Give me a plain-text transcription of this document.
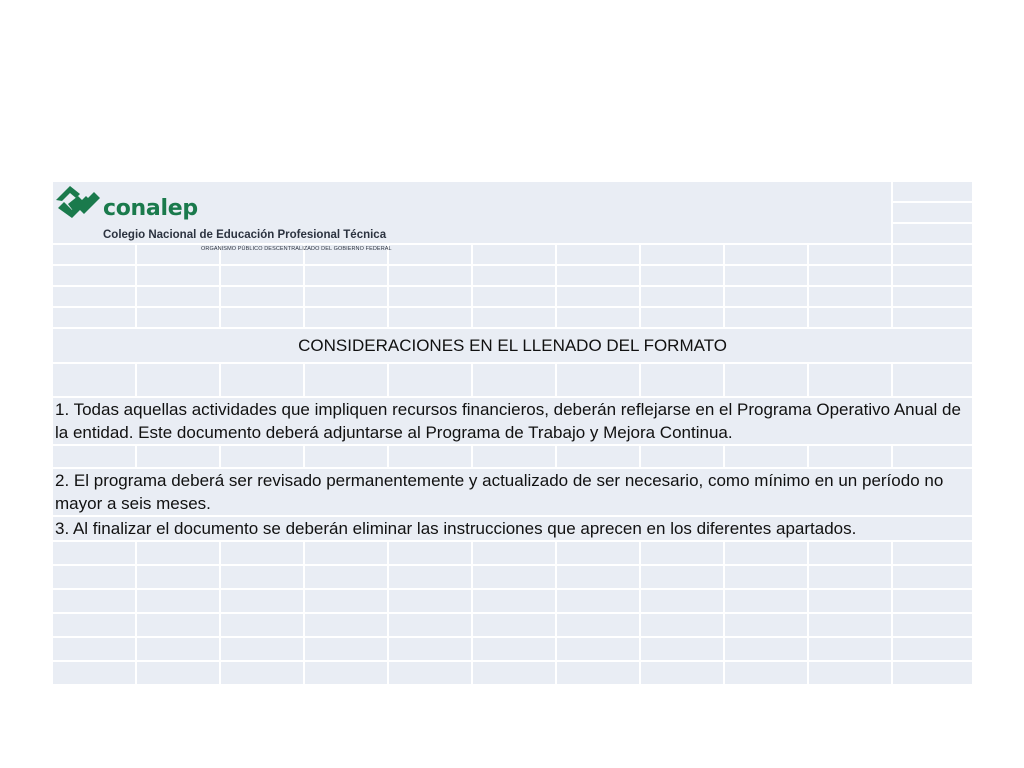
conalep
Colegio Nacional de Educación Profesional Técnica
ORGANISMO PÚBLICO DESCENTRALIZADO DEL GOBIERNO FEDERAL										

CONSIDERACIONES EN EL LLENADO DEL FORMATO										

1. Todas aquellas actividades que impliquen recursos financieros, deberán reflejarse en el Programa Operativo Anual de la entidad. Este documento deberá adjuntarse al Programa de Trabajo y Mejora Continua.										

2. El programa deberá ser revisado permanentemente y actualizado de ser necesario, como mínimo en un período no mayor a seis meses.										
3. Al finalizar el documento se deberán eliminar las instrucciones que aprecen en los diferentes apartados.										
